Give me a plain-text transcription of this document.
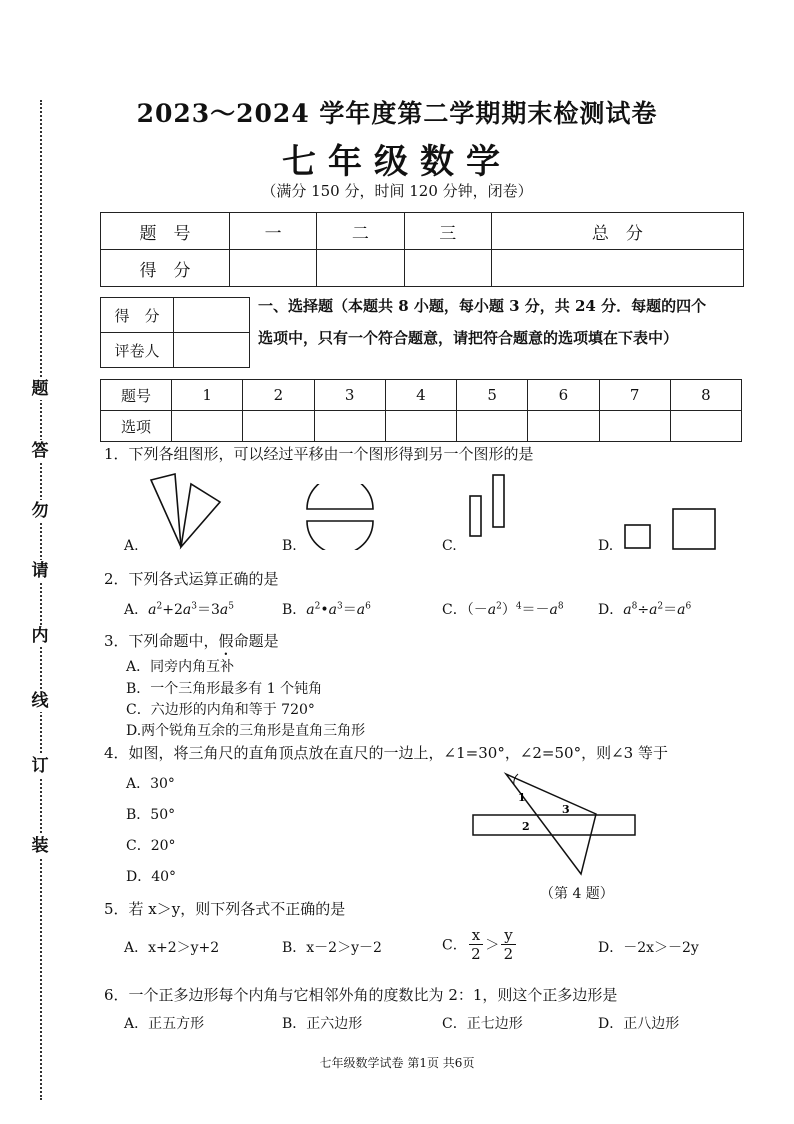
装
订
线
内
请
勿
答
题
2023～2024 学年度第二学期期末检测试卷
七年级数学
（满分 150 分，时间 120 分钟，闭卷）
题　号	一	二	三	总　分
得　分				
得　分	
评卷人	
一、选择题（本题共 8 小题，每小题 3 分，共 24 分．每题的四个
选项中，只有一个符合题意，请把符合题意的选项填在下表中）
题号	1	2	3	4	5	6	7	8
选项								
1．下列各组图形，可以经过平移由一个图形得到另一个图形的是
A.	B.	C.	D.
2．下列各式运算正确的是
A．$a^2+2a^3=3a^5$	B．$a^2•a^3=a^6$	C．$(-a^2)^4=-a^8$ D．$a^8\div a^2=a^6$
3．下列命题中，假命题是
A．同旁内角互补
B．一个三角形最多有 1 个钝角
C．六边形的内角和等于 720°
D.两个锐角互余的三角形是直角三角形
4．如图，将三角尺的直角顶点放在直尺的一边上，∠1=30°，∠2=50°，则∠3 等于
A．30°
B．50°
C．20°
D．40°
1
2
3
（第 4 题）
5．若 x＞y，则下列各式不正确的是
A．x+2＞y+2	B．x－2＞y－2	C． $\frac{x}{2} > \frac{y}{2}$	D．－2x＞－2y
6．一个正多边形每个内角与它相邻外角的度数比为 2：1，则这个正多边形是
A．正五方形	B．正六边形	C．正七边形	D．正八边形
七年级数学试卷 第1页 共6页
